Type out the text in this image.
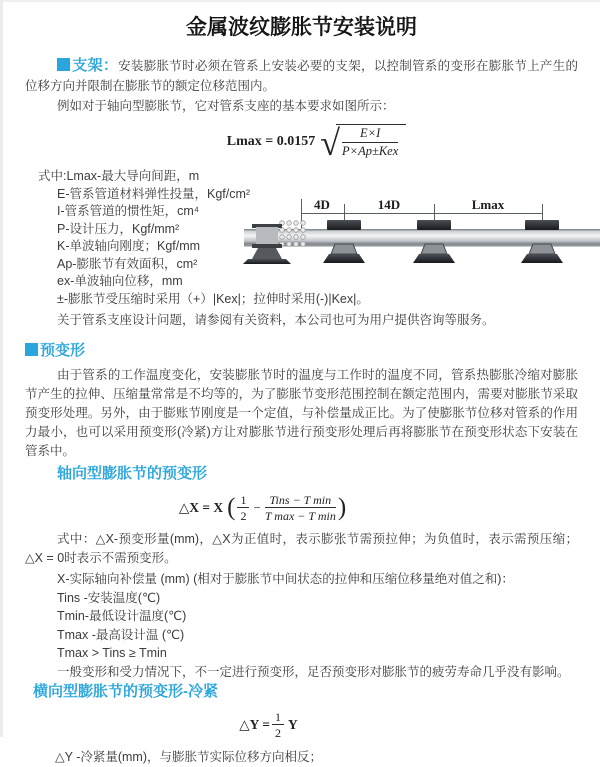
金属波纹膨胀节安装说明

支架：安装膨胀节时必须在管系上安装必要的支架，以控制管系的变形在膨胀节上产生的位移方向并限制在膨胀节的额定位移范围内。

例如对于轴向型膨胀节，它对管系支座的基本要求如图所示：

Lmax = 0.0157 √
$\frac{E\times I}{\text{P×Ap±Kex}}$
式中:Lmax-最大导向间距，m
E-管系管道材料弹性投量，Kgf/cm²
I-管系管道的惯性矩，cm⁴
P-设计压力，Kgf/mm²
K-单波轴向刚度；Kgf/mm
Ap-膨胀节有效面积，cm²
ex-单波轴向位移，mm
±-膨胀节受压缩时采用（+）|Kex|；拉伸时采用(-)|Kex|。
关于管系支座设计问题，请参阅有关资料，本公司也可为用户提供咨询等服务。
预变形

由于管系的工作温度变化，安装膨胀节时的温度与工作时的温度不同，管系热膨胀冷缩对膨胀节产生的拉伸、压缩量常常是不均等的，为了膨胀节变形范围控制在额定范围内，需要对膨胀节采取预变形处理。另外，由于膨账节刚度是一个定值，与补偿量成正比。为了使膨胀节位移对管系的作用力最小，也可以采用预变形(冷紧)方让对膨胀节进行预变形处理后再将膨胀节在预变形状态下安装在管系中。

轴向型膨胀节的预变形
△X = X ( $\frac{1}{2} - \frac{\text{Tins − T min}}{\text{T max − T min}}$ )

式中：△X-预变形量(mm)，△X为正值时，表示膨张节需预拉伸；为负值时，表示需预压缩；△X = 0时表示不需预变形。

X-实际轴向补偿量 (mm) (相对于膨胀节中间状态的拉伸和压缩位移量绝对值之和)：
Tins -安装温度(℃)
Tmin-最低设计温度(℃)
Tmax -最高设计温 (℃)
Tmax > Tins ≥ Tmin
一般变形和受力情况下，不一定进行预变形，足否预变形对膨胀节的疲劳寿命几乎没有影响。
横向型膨胀节的预变形-冷紧
△Y = $\frac{1}{2}$ Y
△Y -冷紧量(mm)，与膨胀节实际位移方向相反；
4D	14D	Lmax
